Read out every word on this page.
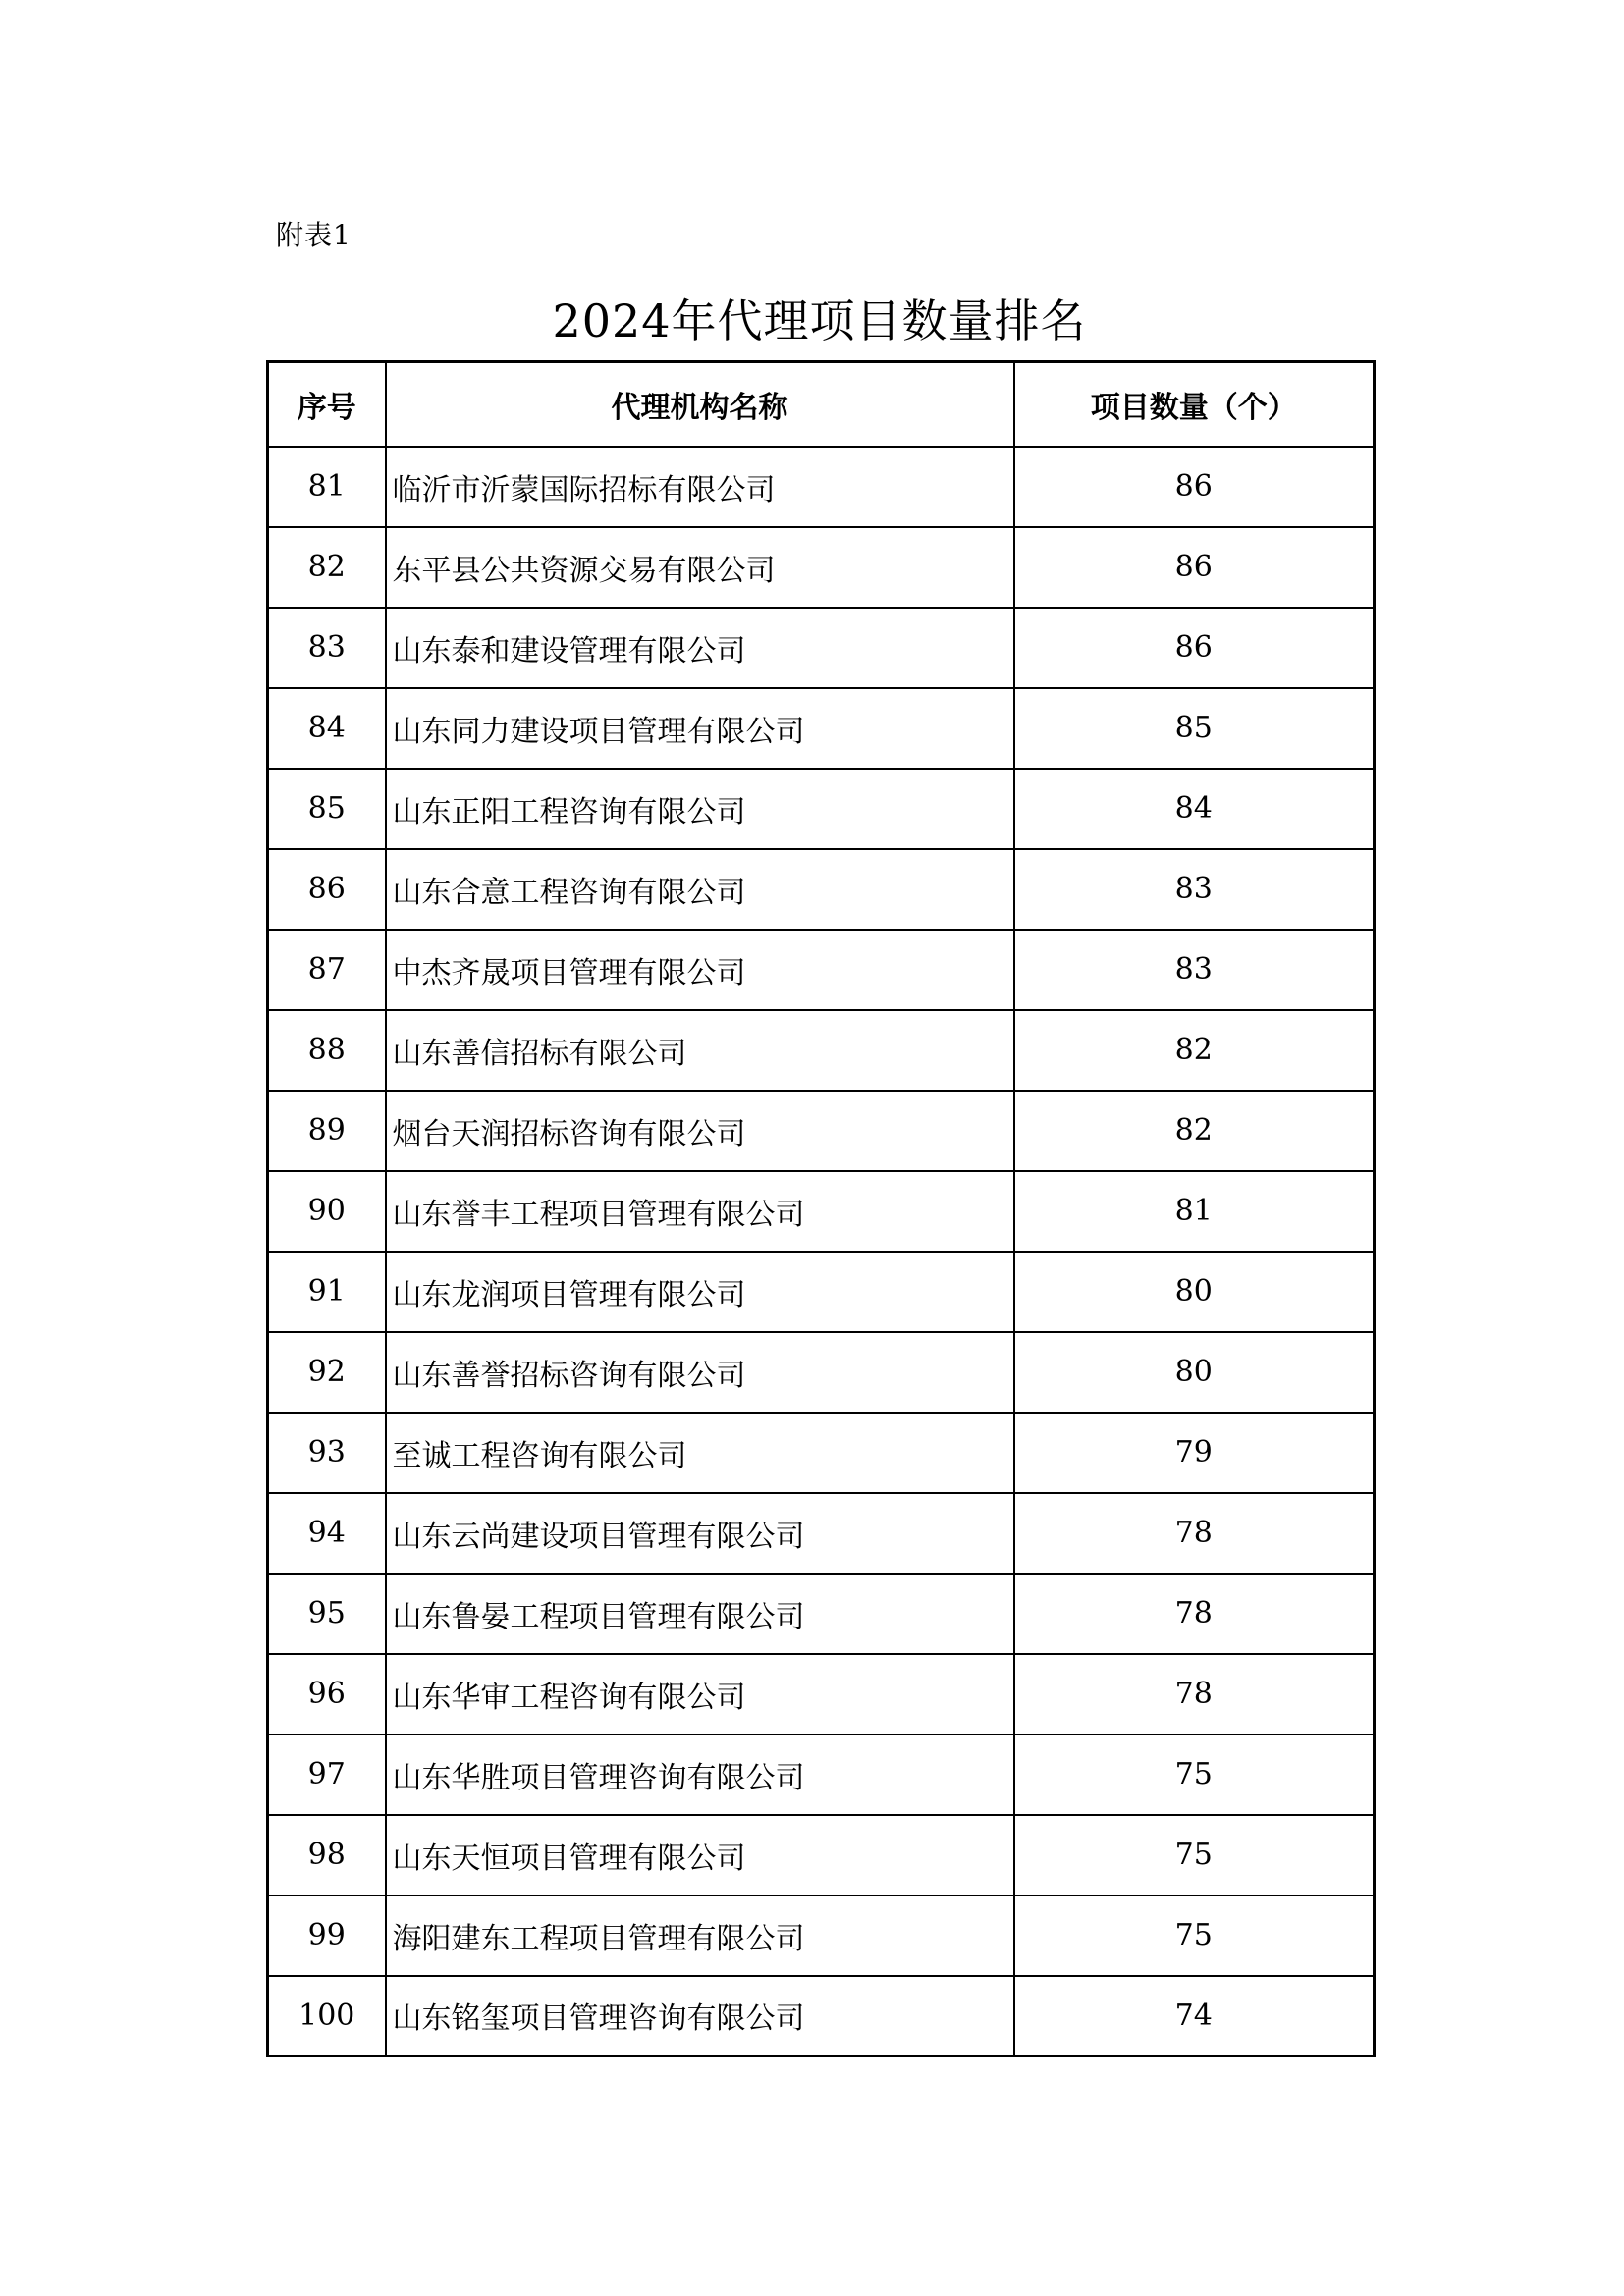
附表1
2024年代理项目数量排名
序号	代理机构名称	项目数量（个）
81	临沂市沂蒙国际招标有限公司	86
82	东平县公共资源交易有限公司	86
83	山东泰和建设管理有限公司	86
84	山东同力建设项目管理有限公司	85
85	山东正阳工程咨询有限公司	84
86	山东合意工程咨询有限公司	83
87	中杰齐晟项目管理有限公司	83
88	山东善信招标有限公司	82
89	烟台天润招标咨询有限公司	82
90	山东誉丰工程项目管理有限公司	81
91	山东龙润项目管理有限公司	80
92	山东善誉招标咨询有限公司	80
93	至诚工程咨询有限公司	79
94	山东云尚建设项目管理有限公司	78
95	山东鲁晏工程项目管理有限公司	78
96	山东华审工程咨询有限公司	78
97	山东华胜项目管理咨询有限公司	75
98	山东天恒项目管理有限公司	75
99	海阳建东工程项目管理有限公司	75
100	山东铭玺项目管理咨询有限公司	74
